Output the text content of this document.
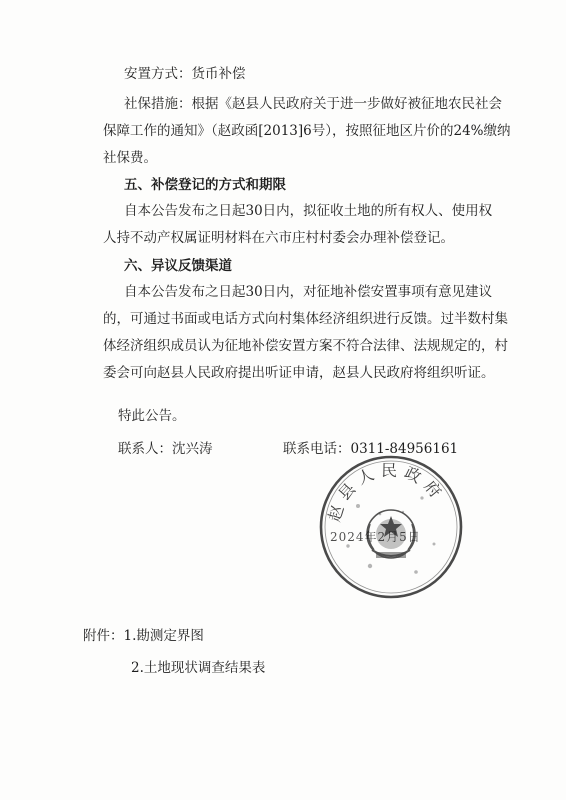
安置方式：货币补偿
社保措施：根据《赵县人民政府关于进一步做好被征地农民社会
保障工作的通知》（赵政函[2013]6号），按照征地区片价的24%缴纳
社保费。
五、补偿登记的方式和期限
自本公告发布之日起30日内，拟征收土地的所有权人、使用权
人持不动产权属证明材料在六市庄村村委会办理补偿登记。
六、异议反馈渠道
自本公告发布之日起30日内，对征地补偿安置事项有意见建议
的，可通过书面或电话方式向村集体经济组织进行反馈。过半数村集
体经济组织成员认为征地补偿安置方案不符合法律、法规规定的，村
委会可向赵县人民政府提出听证申请，赵县人民政府将组织听证。
特此公告。
联系人：沈兴涛	联系电话：0311-84956161
赵县人民政府
2024年2月5日
附件：1.勘测定界图
2.土地现状调查结果表
